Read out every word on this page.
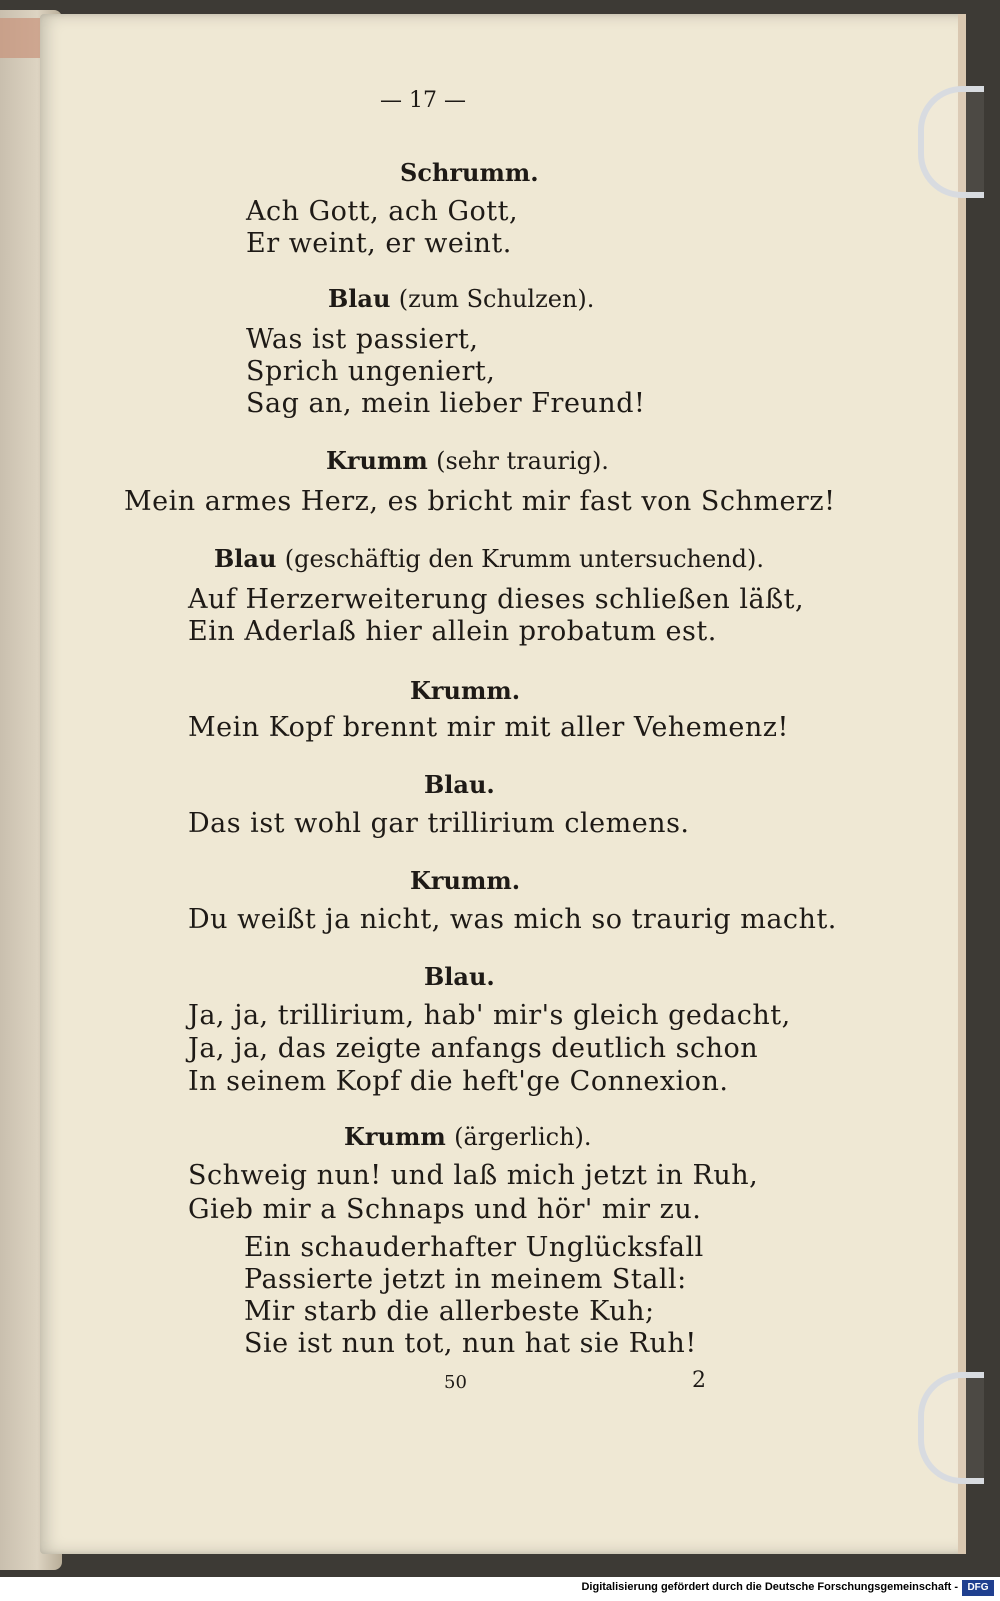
— 17 —
Schrumm.
Ach Gott, ach Gott,
Er weint, er weint.
Blau (zum Schulzen).
Was ist passiert,
Sprich ungeniert,
Sag an, mein lieber Freund!
Krumm (sehr traurig).
Mein armes Herz, es bricht mir fast von Schmerz!
Blau (geschäftig den Krumm untersuchend).
Auf Herzerweiterung dieses schließen läßt,
Ein Aderlaß hier allein probatum est.
Krumm.
Mein Kopf brennt mir mit aller Vehemenz!
Blau.
Das ist wohl gar trillirium clemens.
Krumm.
Du weißt ja nicht, was mich so traurig macht.
Blau.
Ja, ja, trillirium, hab' mir's gleich gedacht,
Ja, ja, das zeigte anfangs deutlich schon
In seinem Kopf die heft'ge Connexion.
Krumm (ärgerlich).
Schweig nun! und laß mich jetzt in Ruh,
Gieb mir a Schnaps und hör' mir zu.
Ein schauderhafter Unglücksfall
Passierte jetzt in meinem Stall:
Mir starb die allerbeste Kuh;
Sie ist nun tot, nun hat sie Ruh!
50	2
Digitalisierung gefördert durch die Deutsche Forschungsgemeinschaft - DFG
